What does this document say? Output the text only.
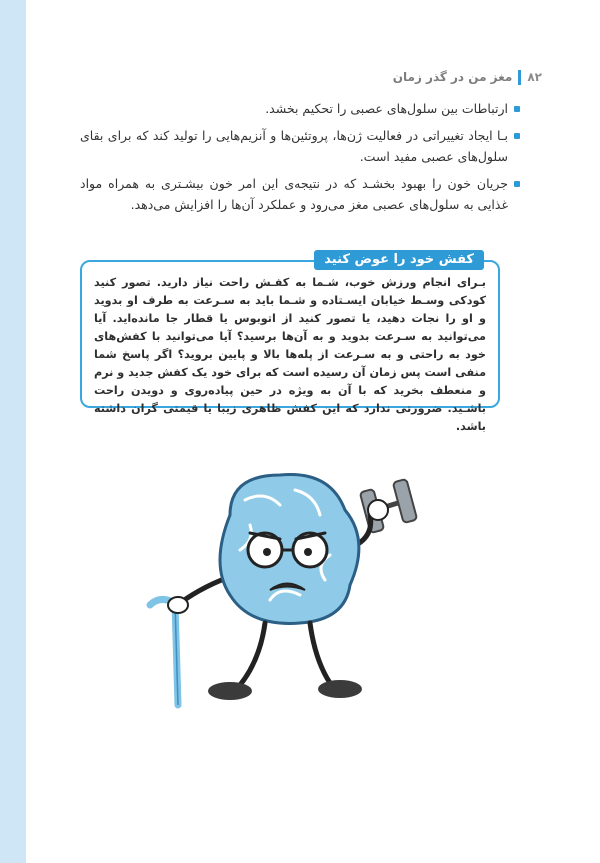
۸۲
مغز من در گذر زمان
ارتباطات بین سلول‌های عصبی را تحکیم بخشد.
بـا ایجاد تغییراتی در فعالیت ژن‌ها، پروتئین‌ها و آنزیم‌هایی را تولید کند که برای بقای سلول‌های عصبی مفید است.
جریان خون را بهبود بخشـد که در نتیجه‌ی این امر خون بیشـتری به همراه مواد غذایی به سلول‌های عصبی مغز می‌رود و عملکرد آن‌ها را افزایش می‌دهد.
کفش خود را عوض کنید
بـرای انجام ورزش خوب، شـما به کفـش راحت نیاز دارید. تصور کنید کودکی وسـط خیابان ایسـتاده و شـما باید به سـرعت به طرف او بدوید و او را نجات دهید، یا تصور کنید از اتوبوس یا قطار جا مانده‌اید. آیا می‌توانید به سـرعت بدوید و به آن‌ها برسید؟ آیا می‌توانید با کفش‌های خود به راحتی و به سـرعت از پله‌ها بالا و پایین بروید؟ اگر پاسخ شما منفی است پس زمان آن رسیده است که برای خود یک کفش جدید و نرم و منعطف بخرید که با آن به ویژه در حین پیاده‌روی و دویدن راحت باشـید. ضرورتی ندارد که این کفش ظاهری زیبا یا قیمتی گران داشته باشد.
